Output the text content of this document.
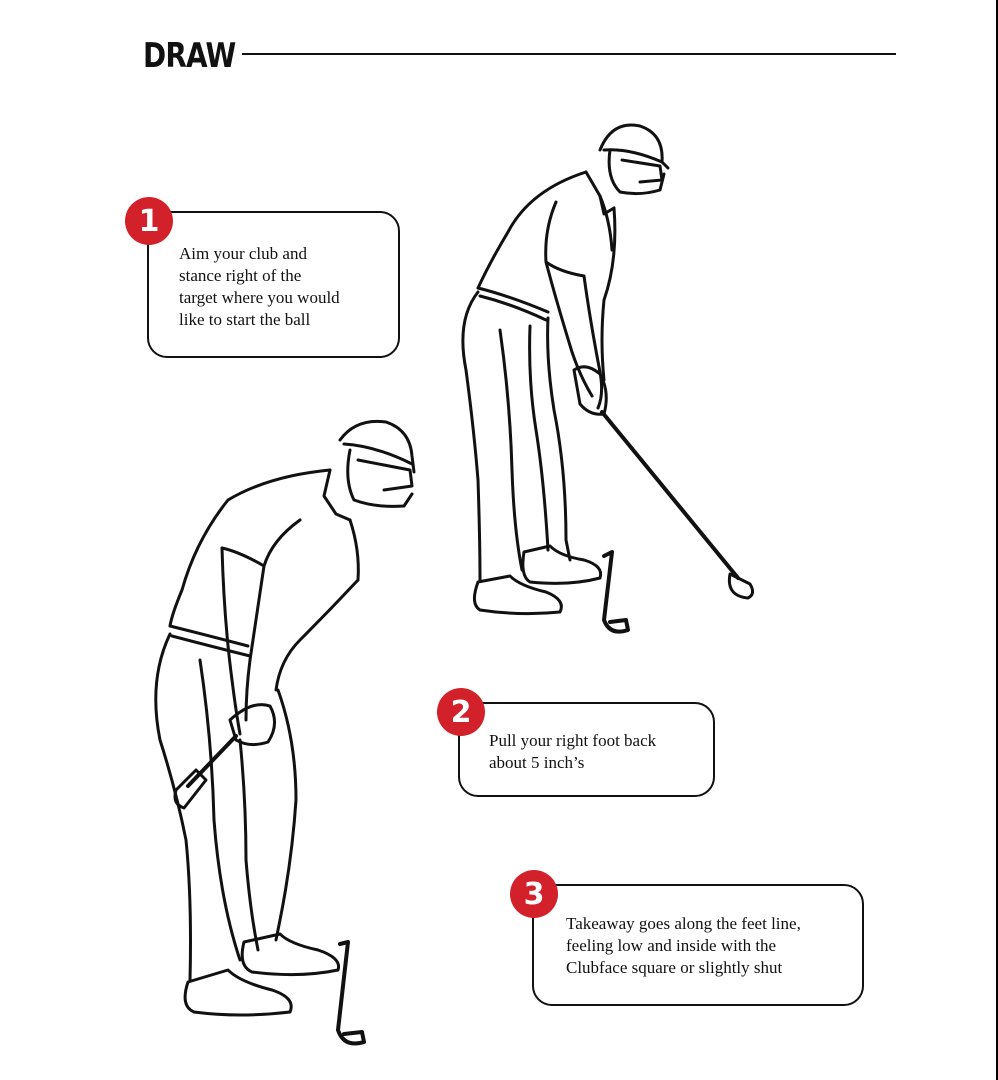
DRAW

Aim your club and

stance right of the

target where you would

like to start the ball

1

Pull your right foot back

about 5 inch’s

2

Takeaway goes along the feet line,

feeling low and inside with the

Clubface square or slightly shut

3
